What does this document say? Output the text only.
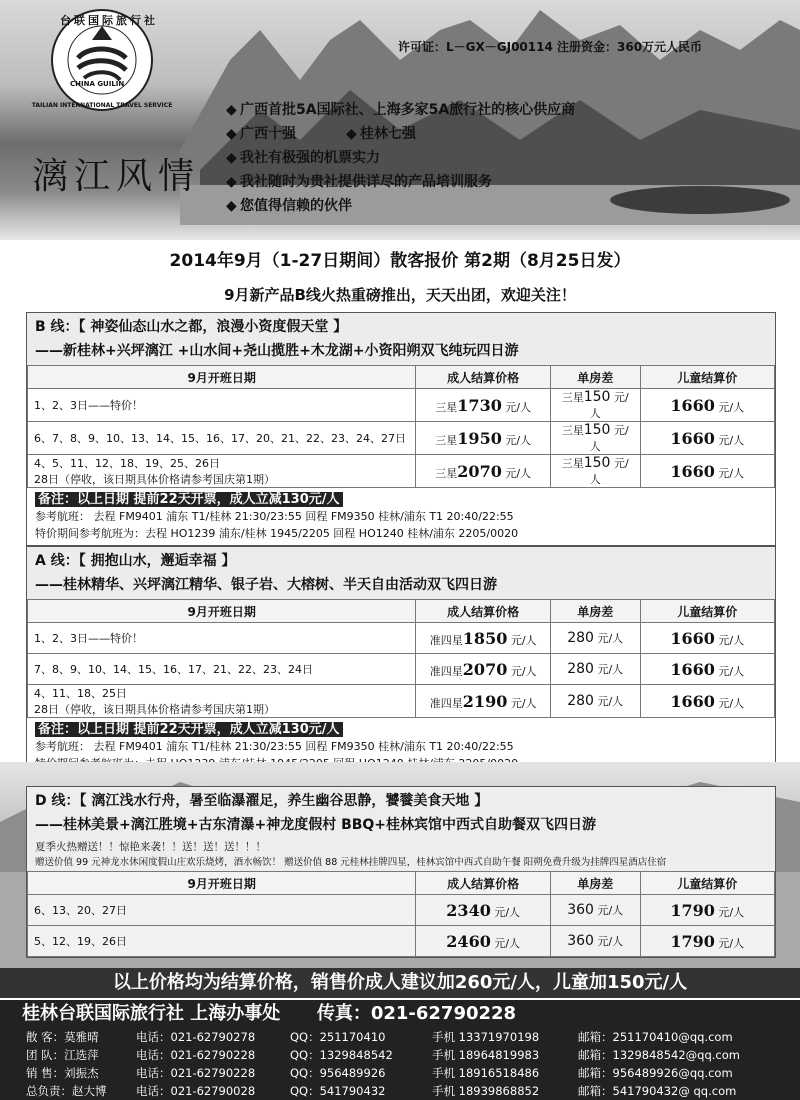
台联国际旅行社
CHINA GUILIN
TAILIAN INTERNATIONAL TRAVEL SERVICE
许可证：L－GX－GJ00114 注册资金：360万元人民币
漓江风情
◆ 广西首批5A国际社、上海多家5A旅行社的核心供应商
◆ 广西十强	◆ 桂林七强
◆ 我社有极强的机票实力
◆ 我社随时为贵社提供详尽的产品培训服务
◆ 您值得信赖的伙伴
2014年9月（1-27日期间）散客报价 第2期（8月25日发）
9月新产品B线火热重磅推出，天天出团，欢迎关注！
B 线：【 神姿仙态山水之都，浪漫小资度假天堂 】
——新桂林+兴坪漓江 +山水间+尧山揽胜+木龙湖+小资阳朔双飞纯玩四日游
9月开班日期	成人结算价格	单房差	儿童结算价
1、2、3日——特价！	三星1730 元/人	三星150 元/人	1660 元/人
6、7、8、9、10、13、14、15、16、17、20、21、22、23、24、27日	三星1950 元/人	三星150 元/人	1660 元/人

4、5、11、12、18、19、25、26日
28日（停收，该日期具体价格请参考国庆第1期）	三星2070 元/人	三星150 元/人	1660 元/人
备注：以上日期 提前22天开票，成人立减130元/人
参考航班： 去程 FM9401 浦东 T1/桂林 21:30/23:55 回程 FM9350 桂林/浦东 T1 20:40/22:55
特价期间参考航班为：去程 HO1239 浦东/桂林 1945/2205 回程 HO1240 桂林/浦东 2205/0020
A 线：【 拥抱山水，邂逅幸福 】
——桂林精华、兴坪漓江精华、银子岩、大榕树、半天自由活动双飞四日游
9月开班日期	成人结算价格	单房差	儿童结算价
1、2、3日——特价！	准四星1850 元/人	280 元/人	1660 元/人
7、8、9、10、14、15、16、17、21、22、23、24日	准四星2070 元/人	280 元/人	1660 元/人

4、11、18、25日
28日（停收，该日期具体价格请参考国庆第1期）	准四星2190 元/人	280 元/人	1660 元/人
备注：以上日期 提前22天开票，成人立减130元/人
参考航班： 去程 FM9401 浦东 T1/桂林 21:30/23:55 回程 FM9350 桂林/浦东 T1 20:40/22:55
D 线：【 漓江浅水行舟，暑至临瀑濯足，养生幽谷思静，饕餮美食天地 】
——桂林美景+漓江胜境+古东清瀑+神龙度假村 BBQ+桂林宾馆中西式自助餐双飞四日游
夏季火热赠送！！惊艳来袭！！送！送！送！！！
赠送价值 99 元神龙水休闲度假山庄欢乐烧烤，酒水畅饮！ 赠送价值 88 元桂林挂牌四星，桂林宾馆中西式自助午餐 阳朔免费升级为挂牌四星酒店住宿
9月开班日期	成人结算价格	单房差	儿童结算价
6、13、20、27日	2340 元/人	360 元/人	1790 元/人
5、12、19、26日	2460 元/人	360 元/人	1790 元/人
以上价格均为结算价格，销售价成人建议加260元/人，儿童加150元/人
桂林台联国际旅行社 上海办事处 传真：021-62790228
散 客：莫雅晴	电话：021-62790278	QQ：251170410	手机 13371970198	邮箱：251170410@qq.com
团 队：江选萍	电话：021-62790228	QQ：1329848542	手机 18964819983	邮箱：1329848542@qq.com
销 售：刘振杰	电话：021-62790228	QQ：956489926	手机 18916518486	邮箱：956489926@qq.com
总负责：赵大博	电话：021-62790028	QQ：541790432	手机 18939868852	邮箱：541790432@ qq.com
